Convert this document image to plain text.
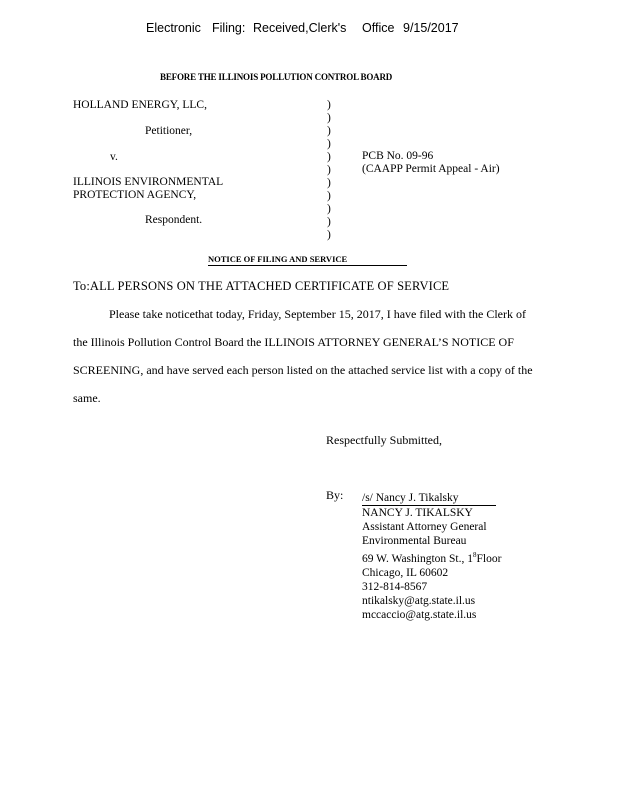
Electronic Filing: Received,Clerk's Office 9/15/2017
BEFORE THE ILLINOIS POLLUTION CONTROL BOARD
HOLLAND ENERGY, LLC,
Petitioner,
v.
ILLINOIS ENVIRONMENTAL
PROTECTION AGENCY,
Respondent.
)
)
)
)
)
)
)
)
)
)
)
PCB No. 09-96
(CAAPP Permit Appeal - Air)
NOTICE OF FILING AND SERVICE
To:ALL PERSONS ON THE ATTACHED CERTIFICATE OF SERVICE
Please take noticethat today, Friday, September 15, 2017, I have filed with the Clerk of
the Illinois Pollution Control Board the ILLINOIS ATTORNEY GENERAL’S NOTICE OF
SCREENING, and have served each person listed on the attached service list with a copy of the
same.
Respectfully Submitted,
By: /s/ Nancy J. Tikalsky
NANCY J. TIKALSKY
Assistant Attorney General
Environmental Bureau
69 W. Washington St., $1^8Floor$
Chicago, IL 60602
312-814-8567
ntikalsky@atg.state.il.us
mccaccio@atg.state.il.us
